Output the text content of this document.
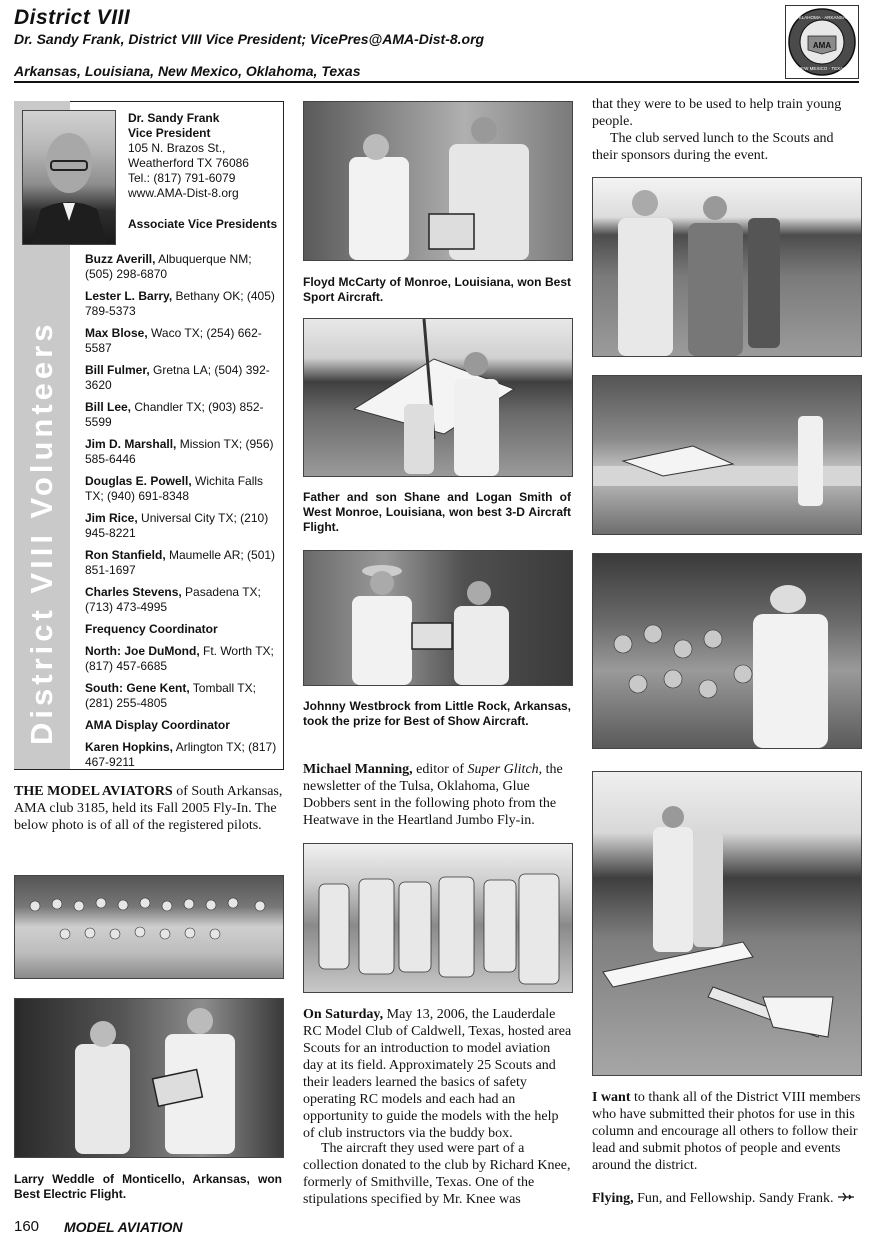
District VIII
Dr. Sandy Frank, District VIII Vice President; VicePres@AMA-Dist-8.org
Arkansas, Louisiana, New Mexico, Oklahoma, Texas
AMA
OKLAHOMA · ARKANSAS
NEW MEXICO · TEXAS
District VIII Volunteers
Dr. Sandy Frank
Vice President
105 N. Brazos St.,
Weatherford TX 76086
Tel.: (817) 791-6079
www.AMA-Dist-8.org
Associate Vice Presidents
Buzz Averill, Albuquerque NM; (505) 298-6870
Lester L. Barry, Bethany OK; (405) 789-5373
Max Blose, Waco TX; (254) 662-5587
Bill Fulmer, Gretna LA; (504) 392-3620
Bill Lee, Chandler TX; (903) 852-5599
Jim D. Marshall, Mission TX; (956) 585-6446
Douglas E. Powell, Wichita Falls TX; (940) 691-8348
Jim Rice, Universal City TX; (210) 945-8221
Ron Stanfield, Maumelle AR; (501) 851-1697
Charles Stevens, Pasadena TX; (713) 473-4995
Frequency Coordinator
North: Joe DuMond, Ft. Worth TX; (817) 457-6685
South: Gene Kent, Tomball TX; (281) 255-4805
AMA Display Coordinator
Karen Hopkins, Arlington TX; (817) 467-9211
THE MODEL AVIATORS of South Arkansas, AMA club 3185, held its Fall 2005 Fly-In. The below photo is of all of the registered pilots.
Larry Weddle of Monticello, Arkansas, won Best Electric Flight.
Floyd McCarty of Monroe, Louisiana, won Best Sport Aircraft.
Father and son Shane and Logan Smith of West Monroe, Louisiana, won best 3-D Aircraft Flight.
Johnny Westbrock from Little Rock, Arkansas, took the prize for Best of Show Aircraft.
Michael Manning, editor of Super Glitch, the newsletter of the Tulsa, Oklahoma, Glue Dobbers sent in the following photo from the Heatwave in the Heartland Jumbo Fly-in.
On Saturday, May 13, 2006, the Lauderdale RC Model Club of Caldwell, Texas, hosted area Scouts for an introduction to model aviation day at its field. Approximately 25 Scouts and their leaders learned the basics of safety operating RC models and each had an opportunity to guide the models with the help of club instructors via the buddy box.
The aircraft they used were part of a collection donated to the club by Richard Knee, formerly of Smithville, Texas. One of the stipulations specified by Mr. Knee was
that they were to be used to help train young people.
The club served lunch to the Scouts and their sponsors during the event.
I want to thank all of the District VIII members who have submitted their photos for use in this column and encourage all others to follow their lead and submit photos of people and events around the district.
Flying, Fun, and Fellowship. Sandy Frank.
160 MODEL AVIATION
